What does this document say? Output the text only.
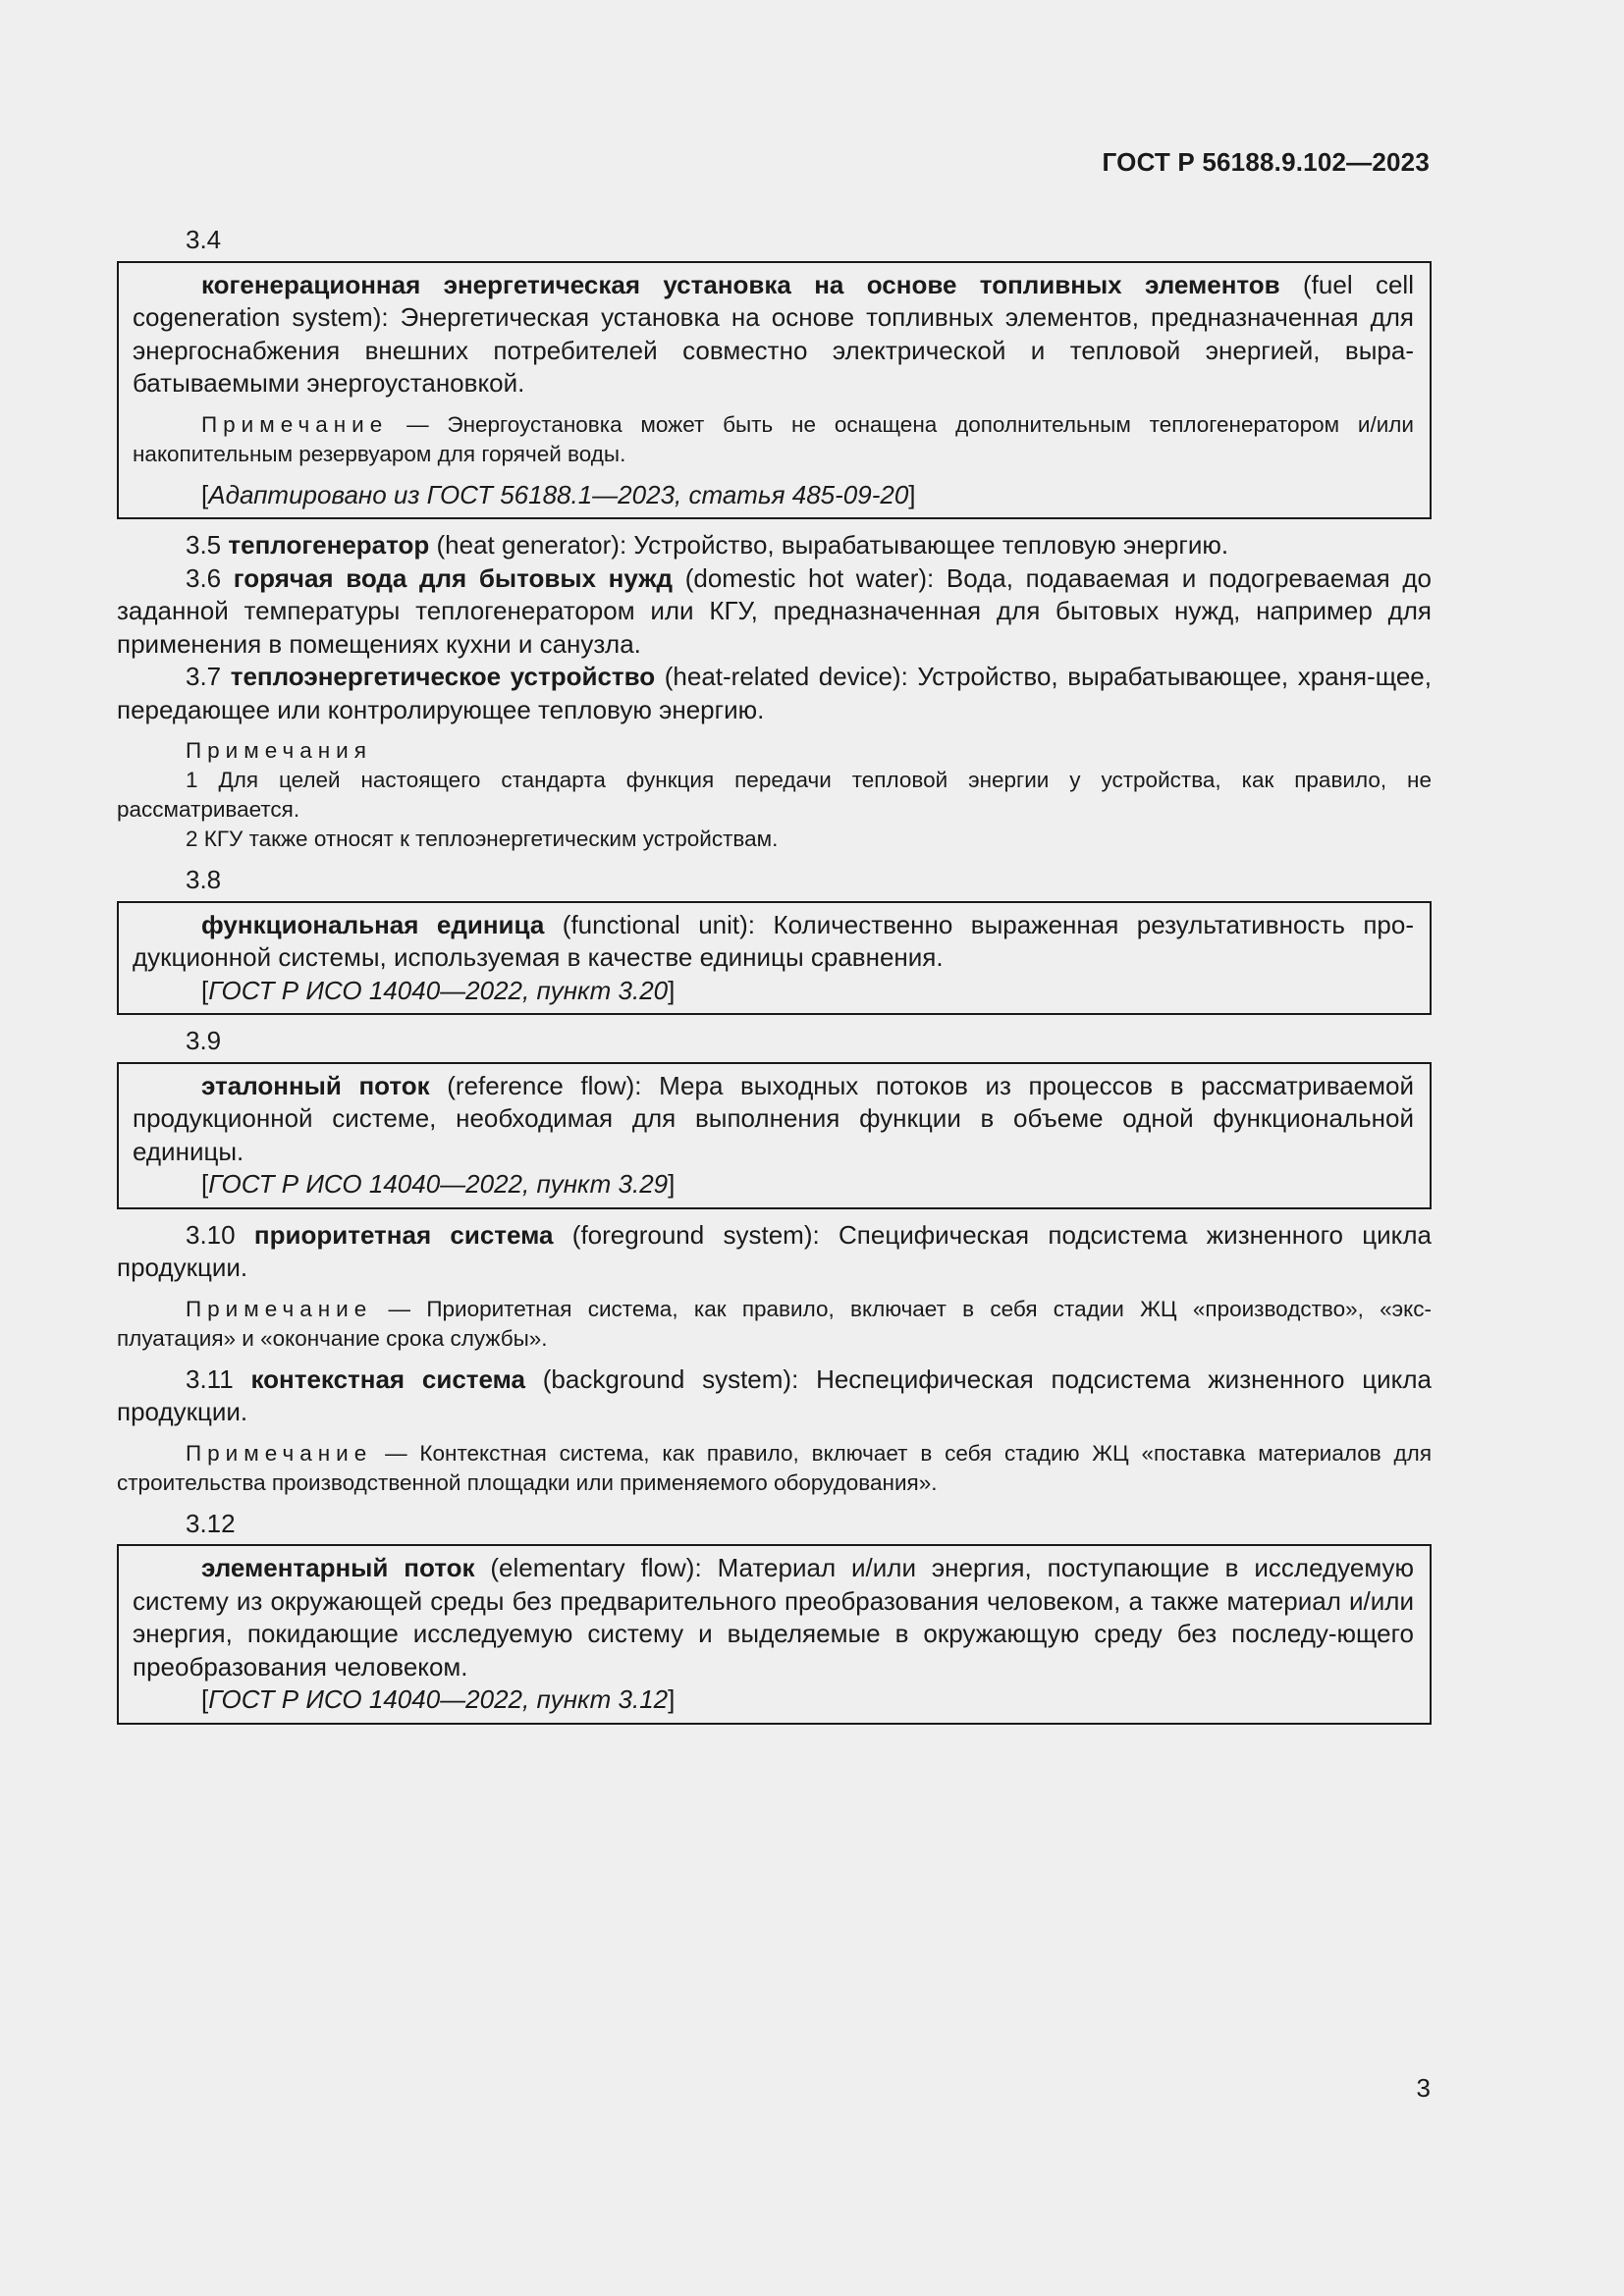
ГОСТ Р 56188.9.102—2023
3.4

когенерационная энергетическая установка на основе топливных элементов (fuel cell cogeneration system): Энергетическая установка на основе топливных элементов, предназначенная для энергоснабжения внешних потребителей совместно электрической и тепловой энергией, выра-батываемыми энергоустановкой.

Примечание — Энергоустановка может быть не оснащена дополнительным теплогенератором и/или накопительным резервуаром для горячей воды.

[Адаптировано из ГОСТ 56188.1—2023, статья 485-09-20]

3.5 теплогенератор (heat generator): Устройство, вырабатывающее тепловую энергию.

3.6 горячая вода для бытовых нужд (domestic hot water): Вода, подаваемая и подогреваемая до заданной температуры теплогенератором или КГУ, предназначенная для бытовых нужд, например для применения в помещениях кухни и санузла.

3.7 теплоэнергетическое устройство (heat-related device): Устройство, вырабатывающее, храня-щее, передающее или контролирующее тепловую энергию.

Примечания

1 Для целей настоящего стандарта функция передачи тепловой энергии у устройства, как правило, не рассматривается.

2 КГУ также относят к теплоэнергетическим устройствам.

3.8

функциональная единица (functional unit): Количественно выраженная результативность про-дукционной системы, используемая в качестве единицы сравнения.

[ГОСТ Р ИСО 14040—2022, пункт 3.20]

3.9

эталонный поток (reference flow): Мера выходных потоков из процессов в рассматриваемой продукционной системе, необходимая для выполнения функции в объеме одной функциональной единицы.

[ГОСТ Р ИСО 14040—2022, пункт 3.29]

3.10 приоритетная система (foreground system): Специфическая подсистема жизненного цикла продукции.

Примечание — Приоритетная система, как правило, включает в себя стадии ЖЦ «производство», «экс-плуатация» и «окончание срока службы».

3.11 контекстная система (background system): Неспецифическая подсистема жизненного цикла продукции.

Примечание — Контекстная система, как правило, включает в себя стадию ЖЦ «поставка материалов для строительства производственной площадки или применяемого оборудования».

3.12

элементарный поток (elementary flow): Материал и/или энергия, поступающие в исследуемую систему из окружающей среды без предварительного преобразования человеком, а также материал и/или энергия, покидающие исследуемую систему и выделяемые в окружающую среду без последу-ющего преобразования человеком.

[ГОСТ Р ИСО 14040—2022, пункт 3.12]

3
